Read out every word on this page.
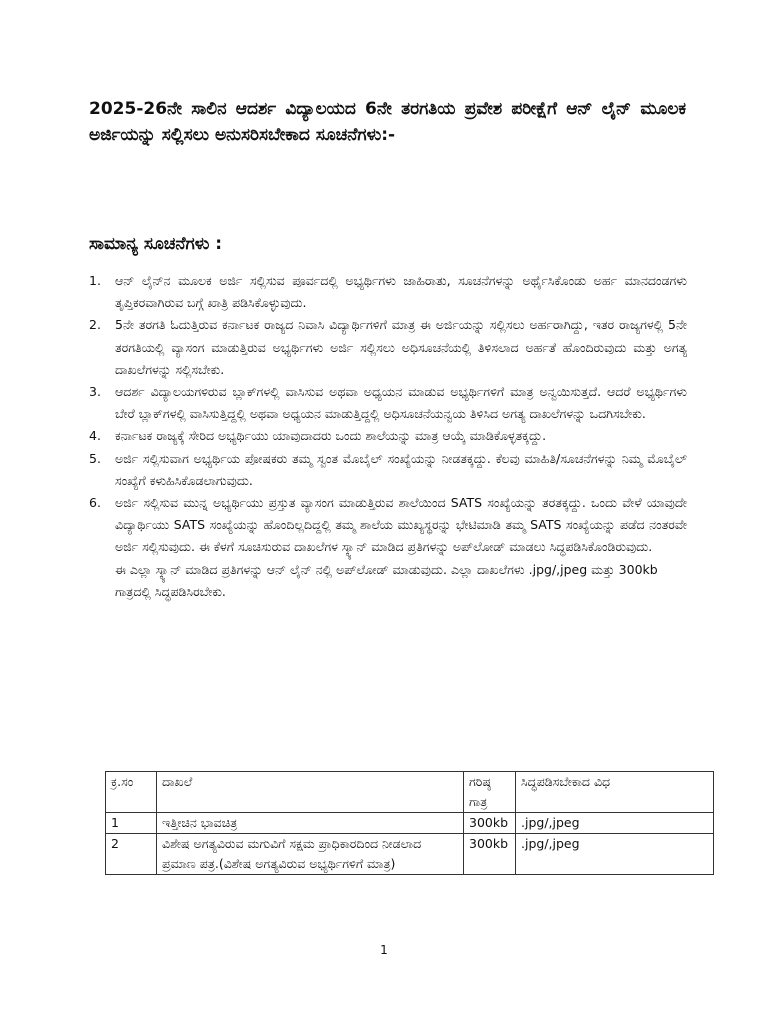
2025-26ನೇ ಸಾಲಿನ ಆದರ್ಶ ವಿದ್ಯಾಲಯದ 6ನೇ ತರಗತಿಯ ಪ್ರವೇಶ ಪರೀಕ್ಷೆಗೆ ಆನ್ ಲೈನ್ ಮೂಲಕ ಅರ್ಜಿಯನ್ನು ಸಲ್ಲಿಸಲು ಅನುಸರಿಸಬೇಕಾದ ಸೂಚನೆಗಳು:-

ಸಾಮಾನ್ಯ ಸೂಚನೆಗಳು :

1. ಆನ್ ಲೈನ್‌ನ ಮೂಲಕ ಅರ್ಜಿ ಸಲ್ಲಿಸುವ ಪೂರ್ವದಲ್ಲಿ ಅಭ್ಯರ್ಥಿಗಳು ಜಾಹಿರಾತು, ಸೂಚನೆಗಳನ್ನು ಅರ್ಥೈಸಿಕೊಂಡು ಅರ್ಹ ಮಾನದಂಡಗಳು ತೃಪ್ತಿಕರವಾಗಿರುವ ಬಗ್ಗೆ ಖಾತ್ರಿ ಪಡಿಸಿಕೊಳ್ಳುವುದು.
2. 5ನೇ ತರಗತಿ ಓದುತ್ತಿರುವ ಕರ್ನಾಟಕ ರಾಜ್ಯದ ನಿವಾಸಿ ವಿದ್ಯಾರ್ಥಿಗಳಿಗೆ ಮಾತ್ರ ಈ ಅರ್ಜಿಯನ್ನು ಸಲ್ಲಿಸಲು ಅರ್ಹರಾಗಿದ್ದು, ಇತರ ರಾಜ್ಯಗಳಲ್ಲಿ 5ನೇ ತರಗತಿಯಲ್ಲಿ ವ್ಯಾಸಂಗ ಮಾಡುತ್ತಿರುವ ಅಭ್ಯರ್ಥಿಗಳು ಅರ್ಜಿ ಸಲ್ಲಿಸಲು ಅಧಿಸೂಚನೆಯಲ್ಲಿ ತಿಳಿಸಲಾದ ಅರ್ಹತೆ ಹೊಂದಿರುವುದು ಮತ್ತು ಅಗತ್ಯ ದಾಖಲೆಗಳನ್ನು ಸಲ್ಲಿಸಬೇಕು.
3. ಆದರ್ಶ ವಿದ್ಯಾಲಯಗಳಿರುವ ಬ್ಲಾಕ್‌ಗಳಲ್ಲಿ ವಾಸಿಸುವ ಅಥವಾ ಅಧ್ಯಯನ ಮಾಡುವ ಅಭ್ಯರ್ಥಿಗಳಿಗೆ ಮಾತ್ರ ಅನ್ವಯಿಸುತ್ತದೆ. ಆದರೆ ಅಭ್ಯರ್ಥಿಗಳು ಬೇರೆ ಬ್ಲಾಕ್‌ಗಳಲ್ಲಿ ವಾಸಿಸುತ್ತಿದ್ದಲ್ಲಿ ಅಥವಾ ಅಧ್ಯಯನ ಮಾಡುತ್ತಿದ್ದಲ್ಲಿ ಅಧಿಸೂಚನೆಯನ್ವಯ ತಿಳಿಸಿದ ಅಗತ್ಯ ದಾಖಲೆಗಳನ್ನು ಒದಗಿಸಬೇಕು.
4. ಕರ್ನಾಟಕ ರಾಜ್ಯಕ್ಕೆ ಸೇರಿದ ಅಭ್ಯರ್ಥಿಯು ಯಾವುದಾದರು ಒಂದು ಶಾಲೆಯನ್ನು ಮಾತ್ರ ಆಯ್ಕೆ ಮಾಡಿಕೊಳ್ಳತಕ್ಕದ್ದು.
5. ಅರ್ಜಿ ಸಲ್ಲಿಸುವಾಗ ಅಭ್ಯರ್ಥಿಯ ಪೋಷಕರು ತಮ್ಮ ಸ್ವಂತ ಮೊಬೈಲ್ ಸಂಖ್ಯೆಯನ್ನು ನೀಡತಕ್ಕದ್ದು. ಕೆಲವು ಮಾಹಿತಿ/ಸೂಚನೆಗಳನ್ನು ನಿಮ್ಮ ಮೊಬೈಲ್ ಸಂಖ್ಯೆಗೆ ಕಳುಹಿಸಿಕೊಡಲಾಗುವುದು.
6. ಅರ್ಜಿ ಸಲ್ಲಿಸುವ ಮುನ್ನ ಅಭ್ಯರ್ಥಿಯು ಪ್ರಸ್ತುತ ವ್ಯಾಸಂಗ ಮಾಡುತ್ತಿರುವ ಶಾಲೆಯಿಂದ SATS ಸಂಖ್ಯೆಯನ್ನು ತರತಕ್ಕದ್ದು. ಒಂದು ವೇಳೆ ಯಾವುದೇ ವಿದ್ಯಾರ್ಥಿಯು SATS ಸಂಖ್ಯೆಯನ್ನು ಹೊಂದಿಲ್ಲದಿದ್ದಲ್ಲಿ ತಮ್ಮ ಶಾಲೆಯ ಮುಖ್ಯಸ್ಥರನ್ನು ಭೇಟಿಮಾಡಿ ತಮ್ಮ SATS ಸಂಖ್ಯೆಯನ್ನು ಪಡೆದ ನಂತರವೇ ಅರ್ಜಿ ಸಲ್ಲಿಸುವುದು. ಈ ಕೆಳಗೆ ಸೂಚಿಸುರುವ ದಾಖಲೆಗಳ ಸ್ಕ್ಯಾನ್ ಮಾಡಿದ ಪ್ರತಿಗಳನ್ನು ಅಪ್‌ಲೋಡ್ ಮಾಡಲು ಸಿದ್ಧಪಡಿಸಿಕೊಂಡಿರುವುದು.
ಈ ಎಲ್ಲಾ ಸ್ಕ್ಯಾನ್ ಮಾಡಿದ ಪ್ರತಿಗಳನ್ನು ಆನ್ ಲೈನ್ ನಲ್ಲಿ ಅಪ್‌ಲೋಡ್ ಮಾಡುವುದು. ಎಲ್ಲಾ ದಾಖಲೆಗಳು .jpg/,jpeg ಮತ್ತು 300kb ಗಾತ್ರದಲ್ಲಿ ಸಿದ್ಧಪಡಿಸಿರಬೇಕು.
ಕ್ರ.ಸಂ	ದಾಖಲೆ	ಗರಿಷ್ಠ ಗಾತ್ರ	ಸಿದ್ಧಪಡಿಸಬೇಕಾದ ವಿಧ
1	ಇತ್ತೀಚಿನ ಭಾವಚಿತ್ರ	300kb	.jpg/,jpeg
2	ವಿಶೇಷ ಅಗತ್ಯವಿರುವ ಮಗುವಿಗೆ ಸಕ್ಷಮ ಪ್ರಾಧಿಕಾರದಿಂದ ನೀಡಲಾದ ಪ್ರಮಾಣ ಪತ್ರ.(ವಿಶೇಷ ಅಗತ್ಯವಿರುವ ಅಭ್ಯರ್ಥಿಗಳಿಗೆ ಮಾತ್ರ)	300kb	.jpg/,jpeg
1
